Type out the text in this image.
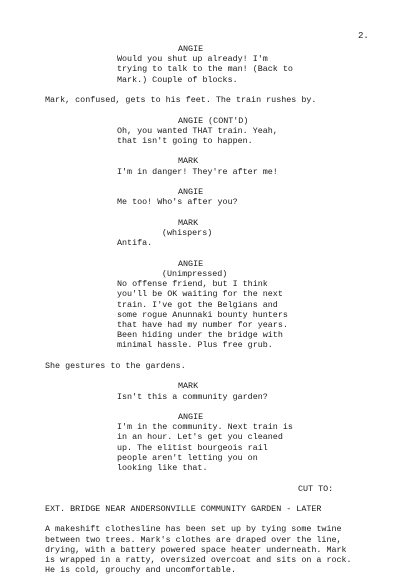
2.
ANGIE
Would you shut up already! I'm
trying to talk to the man! (Back to
Mark.) Couple of blocks.
Mark, confused, gets to his feet. The train rushes by.
ANGIE (CONT'D)
Oh, you wanted THAT train. Yeah,
that isn't going to happen.
MARK
I'm in danger! They're after me!
ANGIE
Me too! Who's after you?
MARK
(whispers)
Antifa.
ANGIE
(Unimpressed)
No offense friend, but I think
you'll be OK waiting for the next
train. I've got the Belgians and
some rogue Anunnaki bounty hunters
that have had my number for years.
Been hiding under the bridge with
minimal hassle. Plus free grub.
She gestures to the gardens.
MARK
Isn't this a community garden?
ANGIE
I'm in the community. Next train is
in an hour. Let's get you cleaned
up. The elitist bourgeois rail
people aren't letting you on
looking like that.
CUT TO:
EXT. BRIDGE NEAR ANDERSONVILLE COMMUNITY GARDEN - LATER
A makeshift clothesline has been set up by tying some twine
between two trees. Mark's clothes are draped over the line,
drying, with a battery powered space heater underneath. Mark
is wrapped in a ratty, oversized overcoat and sits on a rock.
He is cold, grouchy and uncomfortable.
